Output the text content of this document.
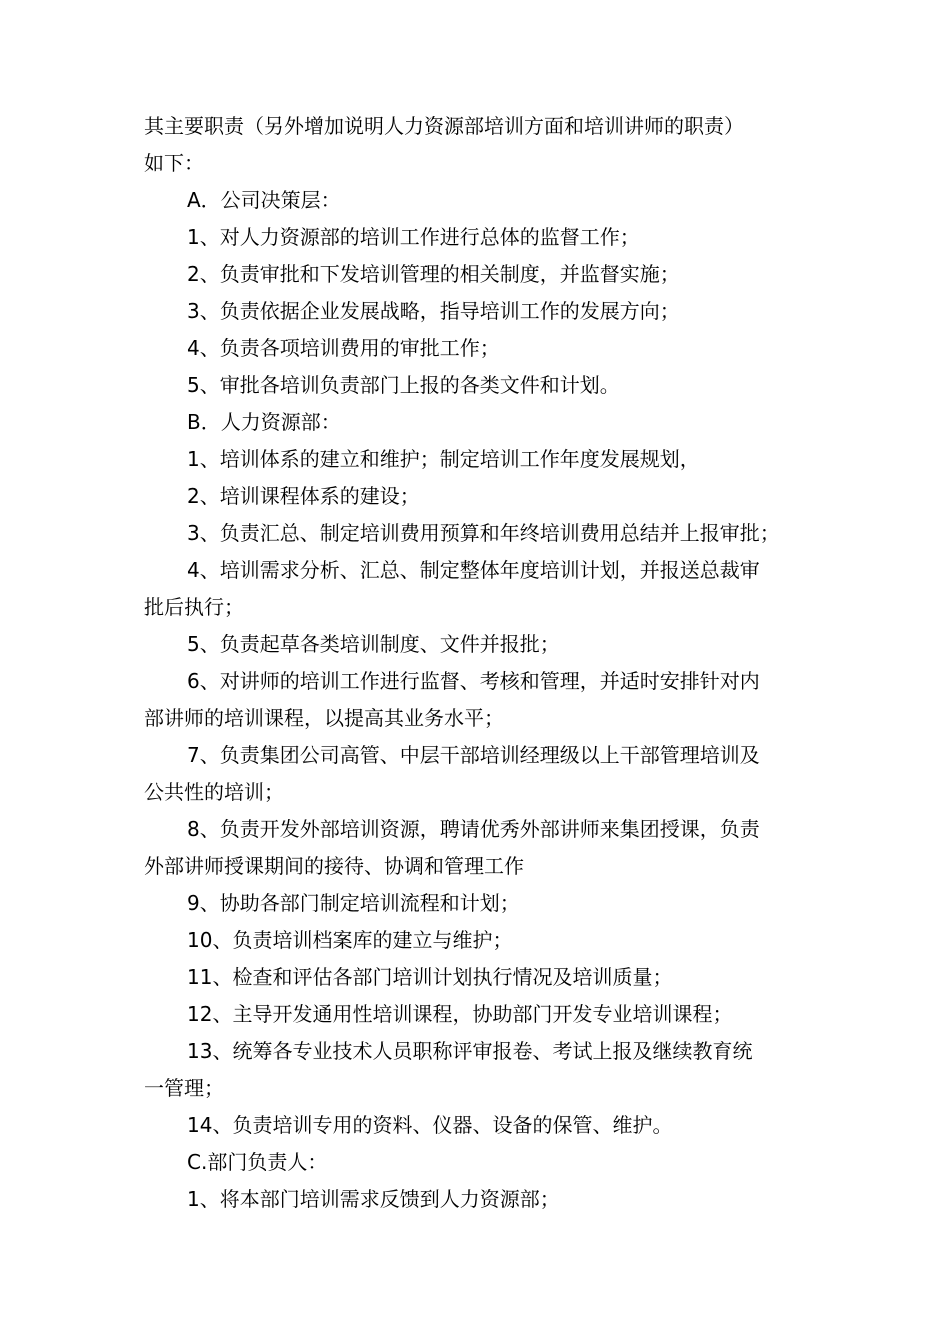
其主要职责（另外增加说明人力资源部培训方面和培训讲师的职责）

如下：

A．公司决策层：

1、对人力资源部的培训工作进行总体的监督工作；

2、负责审批和下发培训管理的相关制度，并监督实施；

3、负责依据企业发展战略，指导培训工作的发展方向；

4、负责各项培训费用的审批工作；

5、审批各培训负责部门上报的各类文件和计划。

B．人力资源部：

1、培训体系的建立和维护；制定培训工作年度发展规划，

2、培训课程体系的建设；

3、负责汇总、制定培训费用预算和年终培训费用总结并上报审批；

4、培训需求分析、汇总、制定整体年度培训计划，并报送总裁审

批后执行；

5、负责起草各类培训制度、文件并报批；

6、对讲师的培训工作进行监督、考核和管理，并适时安排针对内

部讲师的培训课程，以提高其业务水平；

7、负责集团公司高管、中层干部培训经理级以上干部管理培训及

公共性的培训；

8、负责开发外部培训资源，聘请优秀外部讲师来集团授课，负责

外部讲师授课期间的接待、协调和管理工作

9、协助各部门制定培训流程和计划；

10、负责培训档案库的建立与维护；

11、检查和评估各部门培训计划执行情况及培训质量；

12、主导开发通用性培训课程，协助部门开发专业培训课程；

13、统筹各专业技术人员职称评审报卷、考试上报及继续教育统

一管理；

14、负责培训专用的资料、仪器、设备的保管、维护。

C.部门负责人：

1、将本部门培训需求反馈到人力资源部；
